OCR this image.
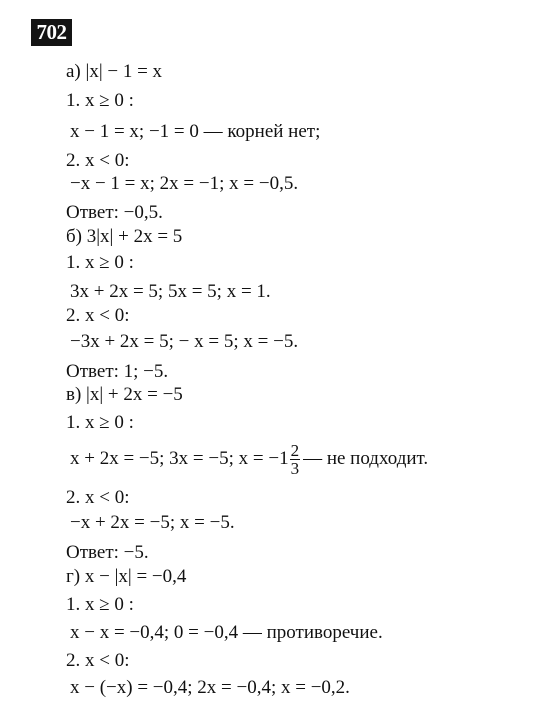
702
а) |x| − 1 = x
1. x ≥ 0 :
x − 1 = x; −1 = 0 — корней нет;
2. x < 0:
−x − 1 = x; 2x = −1; x = −0,5.
Ответ: −0,5.
б) 3|x| + 2x = 5
1. x ≥ 0 :
3x + 2x = 5; 5x = 5; x = 1.
2. x < 0:
−3x + 2x = 5; − x = 5; x = −5.
Ответ: 1; −5.
в) |x| + 2x = −5
1. x ≥ 0 :
x + 2x = −5; 3x = −5; $x = -1 \frac{2}{3}$ — не подходит.
2. x < 0:
−x + 2x = −5; x = −5.
Ответ: −5.
г) x − |x| = −0,4
1. x ≥ 0 :
x − x = −0,4; 0 = −0,4 — противоречие.
2. x < 0:
x − (−x) = −0,4; 2x = −0,4; x = −0,2.
